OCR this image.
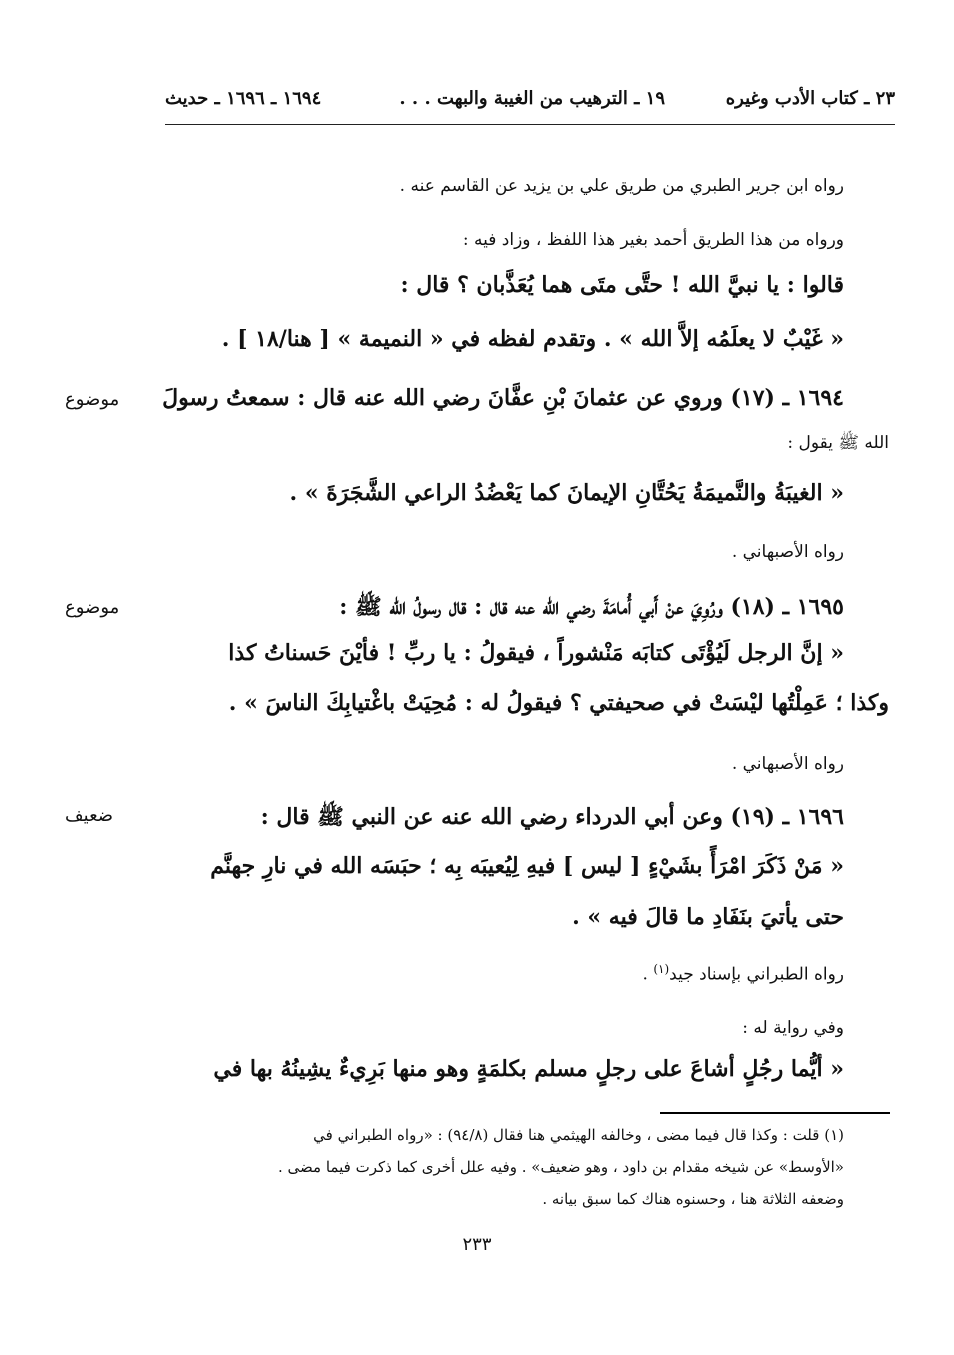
٢٣ ـ كتاب الأدب وغيره
١٩ ـ الترهيب من الغيبة والبهت . . .
١٦٩٤ ـ ١٦٩٦ ـ حديث
رواه ابن جرير الطبري من طريق علي بن يزيد عن القاسم عنه .
ورواه من هذا الطريق أحمد بغير هذا اللفظ ، وزاد فيه :
قالوا : يا نبيَّ الله ! حتَّى متَى هما يُعَذَّبان ؟ قال :
« غَيْبٌ لا يعلَمُه إلاَّ الله » . وتقدم لفظه في « النميمة » [ هنا/١٨ ] .
موضوع ١٦٩٤ ـ (١٧) وروي عن عثمانَ بْنِ عفَّانَ رضي الله عنه قال : سمعتُ رسولَ
الله ﷺ يقول :
« الغيبَةُ والنَّميمَةُ يَحُتَّانِ الإيمانَ كما يَعْضُدُ الراعي الشَّجَرَةَ » .
رواه الأصبهاني .
موضوع	١٦٩٥ ـ (١٨) ورُوِيَ عنْ أَبي أُمامَةَ رضي الله عنه قال : قال رسولُ الله ﷺ :
« إنَّ الرجل لَيُؤْتَى كتابَه مَنْشوراً ، فيقولُ : يا ربِّ ! فأيْنَ حَسناتُ كذا
وكذا ؛ عَمِلْتُها ليْسَتْ في صحيفتي ؟ فيقولُ له : مُحِيَتْ باغْتيابِكَ الناسَ » .
رواه الأصبهاني .
ضعيف	١٦٩٦ ـ (١٩) وعن أبي الدرداء رضي الله عنه عن النبي ﷺ قال :
« مَنْ ذَكَرَ امْرَأً بشَيْءٍ [ ليس ] فيهِ لِيُعيبَه بِه ؛ حبَسَه الله في نارِ جهنَّم
حتى يأتيَ بنَفَادِ ما قالَ فيه » .
رواه الطبراني بإسناد جيد$^{(١)}$ .
وفي رواية له :
« أيُّما رجُلٍ أشاعَ على رجلٍ مسلم بكلمَةٍ وهو منها بَرِيءٌ يشِينُهُ بها في
(١) قلت : وكذا قال فيما مضى ، وخالفه الهيثمي هنا فقال (٩٤/٨) : «رواه الطبراني في
«الأوسط» عن شيخه مقدام بن داود ، وهو ضعيف» . وفيه علل أخرى كما ذكرت فيما مضى .
وضعفه الثلاثة هنا ، وحسنوه هناك كما سبق بيانه .
٢٣٣
